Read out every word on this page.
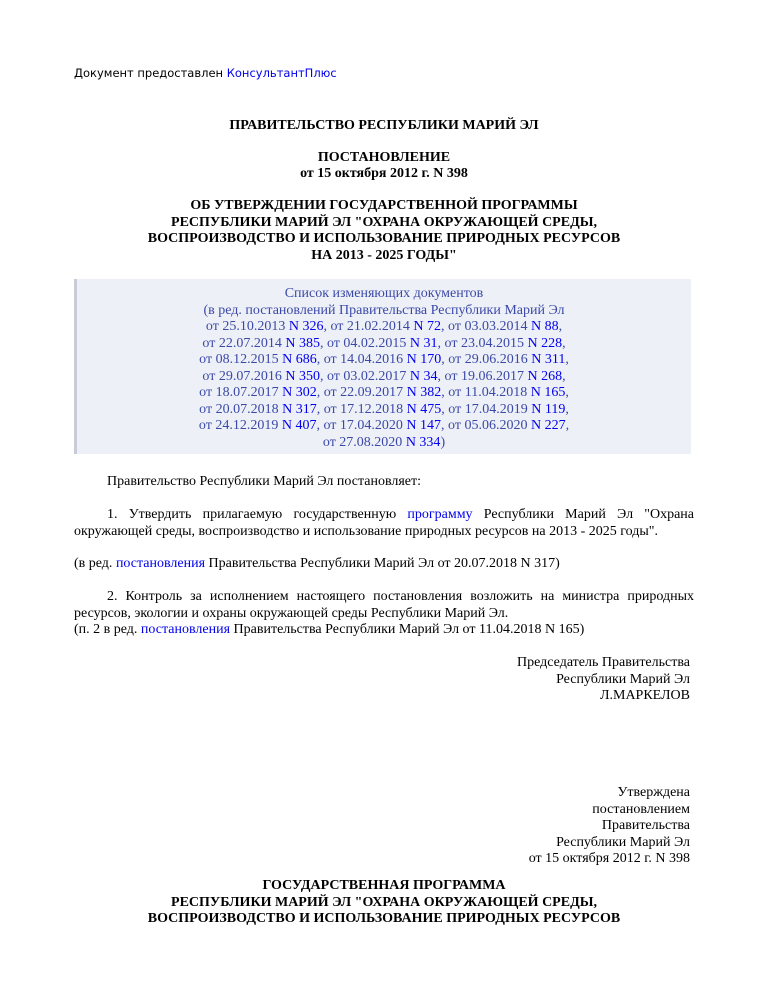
Документ предоставлен КонсультантПлюс
ПРАВИТЕЛЬСТВО РЕСПУБЛИКИ МАРИЙ ЭЛ
ПОСТАНОВЛЕНИЕ
от 15 октября 2012 г. N 398
ОБ УТВЕРЖДЕНИИ ГОСУДАРСТВЕННОЙ ПРОГРАММЫ
РЕСПУБЛИКИ МАРИЙ ЭЛ "ОХРАНА ОКРУЖАЮЩЕЙ СРЕДЫ,
ВОСПРОИЗВОДСТВО И ИСПОЛЬЗОВАНИЕ ПРИРОДНЫХ РЕСУРСОВ
НА 2013 - 2025 ГОДЫ"
Список изменяющих документов
(в ред. постановлений Правительства Республики Марий Эл
от 25.10.2013 N 326, от 21.02.2014 N 72, от 03.03.2014 N 88,
от 22.07.2014 N 385, от 04.02.2015 N 31, от 23.04.2015 N 228,
от 08.12.2015 N 686, от 14.04.2016 N 170, от 29.06.2016 N 311,
от 29.07.2016 N 350, от 03.02.2017 N 34, от 19.06.2017 N 268,
от 18.07.2017 N 302, от 22.09.2017 N 382, от 11.04.2018 N 165,
от 20.07.2018 N 317, от 17.12.2018 N 475, от 17.04.2019 N 119,
от 24.12.2019 N 407, от 17.04.2020 N 147, от 05.06.2020 N 227,
от 27.08.2020 N 334)
Правительство Республики Марий Эл постановляет:
1. Утвердить прилагаемую государственную программу Республики Марий Эл "Охрана окружающей среды, воспроизводство и использование природных ресурсов на 2013 - 2025 годы".
(в ред. постановления Правительства Республики Марий Эл от 20.07.2018 N 317)
2. Контроль за исполнением настоящего постановления возложить на министра природных ресурсов, экологии и охраны окружающей среды Республики Марий Эл.
(п. 2 в ред. постановления Правительства Республики Марий Эл от 11.04.2018 N 165)
Председатель Правительства
Республики Марий Эл
Л.МАРКЕЛОВ
Утверждена
постановлением
Правительства
Республики Марий Эл
от 15 октября 2012 г. N 398
ГОСУДАРСТВЕННАЯ ПРОГРАММА
РЕСПУБЛИКИ МАРИЙ ЭЛ "ОХРАНА ОКРУЖАЮЩЕЙ СРЕДЫ,
ВОСПРОИЗВОДСТВО И ИСПОЛЬЗОВАНИЕ ПРИРОДНЫХ РЕСУРСОВ
